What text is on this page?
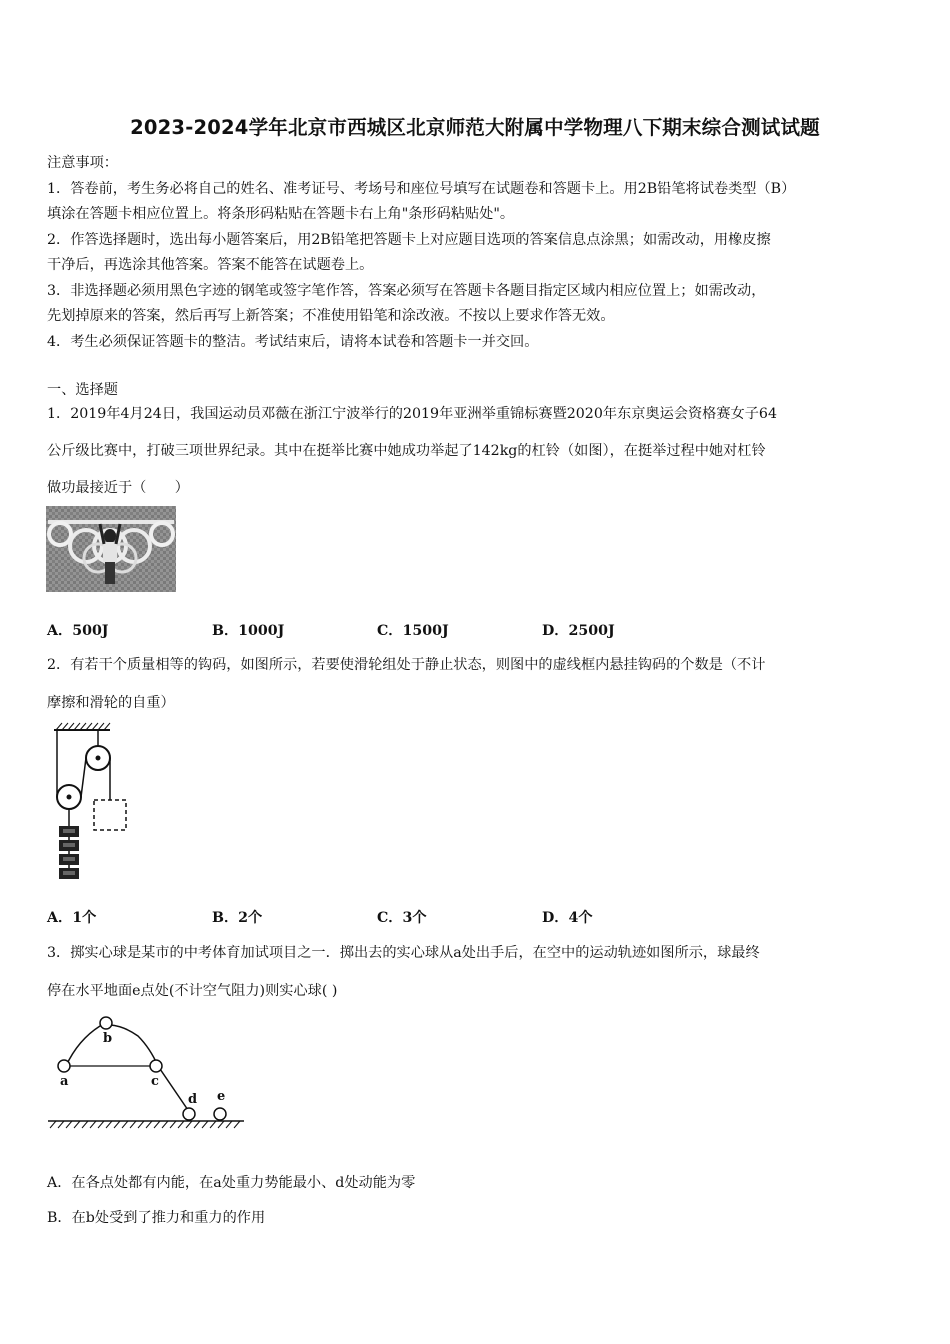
2023-2024学年北京市西城区北京师范大附属中学物理八下期末综合测试试题
注意事项：
1．答卷前，考生务必将自己的姓名、准考证号、考场号和座位号填写在试题卷和答题卡上。用2B铅笔将试卷类型（B）
填涂在答题卡相应位置上。将条形码粘贴在答题卡右上角"条形码粘贴处"。
2．作答选择题时，选出每小题答案后，用2B铅笔把答题卡上对应题目选项的答案信息点涂黑；如需改动，用橡皮擦
干净后，再选涂其他答案。答案不能答在试题卷上。
3．非选择题必须用黑色字迹的钢笔或签字笔作答，答案必须写在答题卡各题目指定区域内相应位置上；如需改动，
先划掉原来的答案，然后再写上新答案；不准使用铅笔和涂改液。不按以上要求作答无效。
4．考生必须保证答题卡的整洁。考试结束后，请将本试卷和答题卡一并交回。
一、选择题
1．2019年4月24日，我国运动员邓薇在浙江宁波举行的2019年亚洲举重锦标赛暨2020年东京奥运会资格赛女子64
公斤级比赛中，打破三项世界纪录。其中在挺举比赛中她成功举起了142kg的杠铃（如图），在挺举过程中她对杠铃
做功最接近于（　　）
A．500J	B．1000J	C．1500J	D．2500J
2．有若干个质量相等的钩码，如图所示，若要使滑轮组处于静止状态，则图中的虚线框内悬挂钩码的个数是（不计
摩擦和滑轮的自重）
A．1个	B．2个	C．3个	D．4个
3．掷实心球是某市的中考体育加试项目之一．掷出去的实心球从a处出手后，在空中的运动轨迹如图所示，球最终
停在水平地面e点处(不计空气阻力)则实心球( )
a
b
c
d e
A．在各点处都有内能，在a处重力势能最小、d处动能为零
B．在b处受到了推力和重力的作用
